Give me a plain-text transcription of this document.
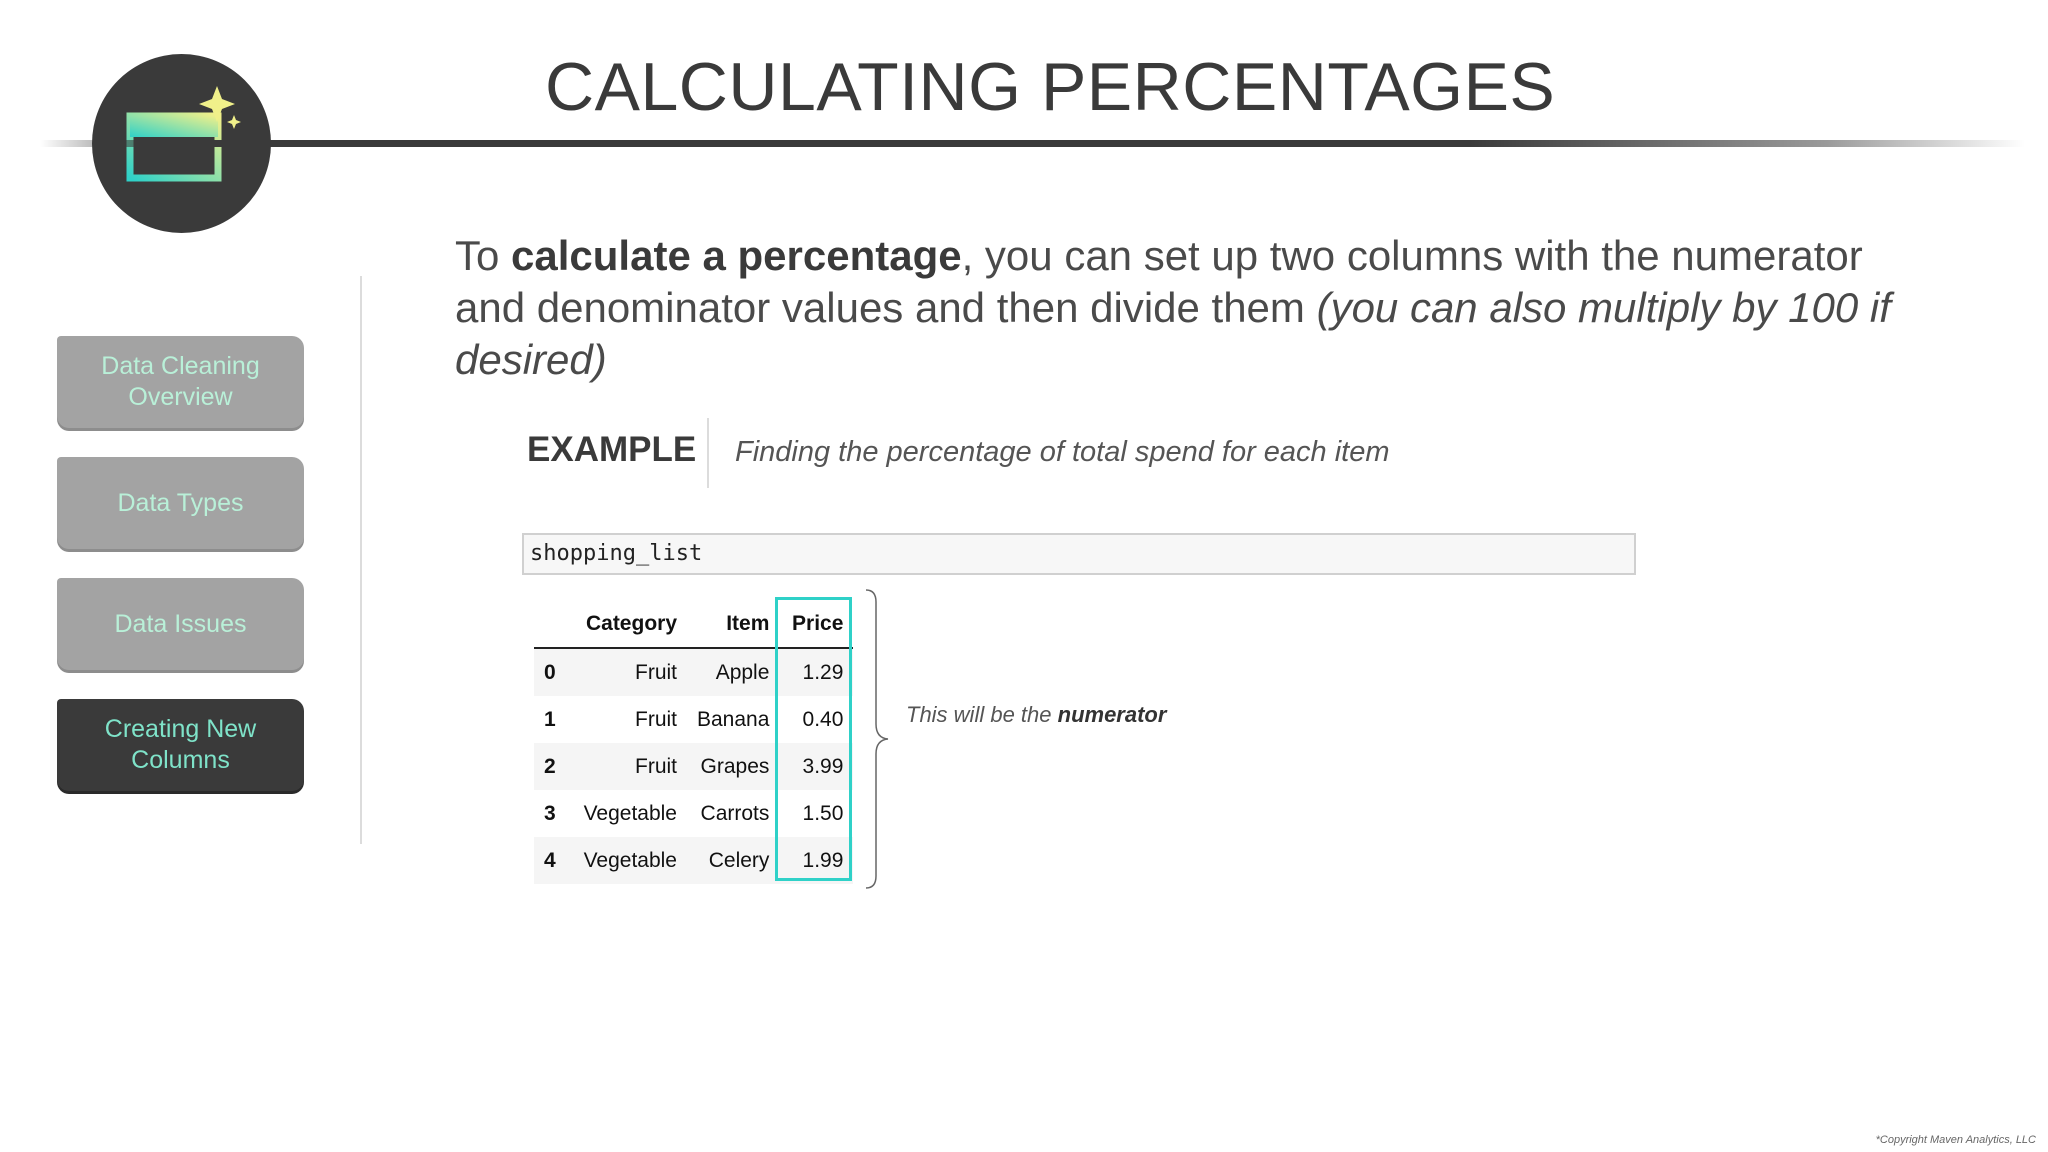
CALCULATING PERCENTAGES
Data Cleaning Overview
Data Types
Data Issues
Creating New Columns

To calculate a percentage, you can set up two columns with the numerator and denominator values and then divide them (you can also multiply by 100 if desired)

EXAMPLE Finding the percentage of total spend for each item
shopping_list
	Category	Item	Price
0	Fruit	Apple	1.29
1	Fruit	Banana	0.40
2	Fruit	Grapes	3.99
3	Vegetable	Carrots	1.50
4	Vegetable	Celery	1.99
This will be the numerator
*Copyright Maven Analytics, LLC
